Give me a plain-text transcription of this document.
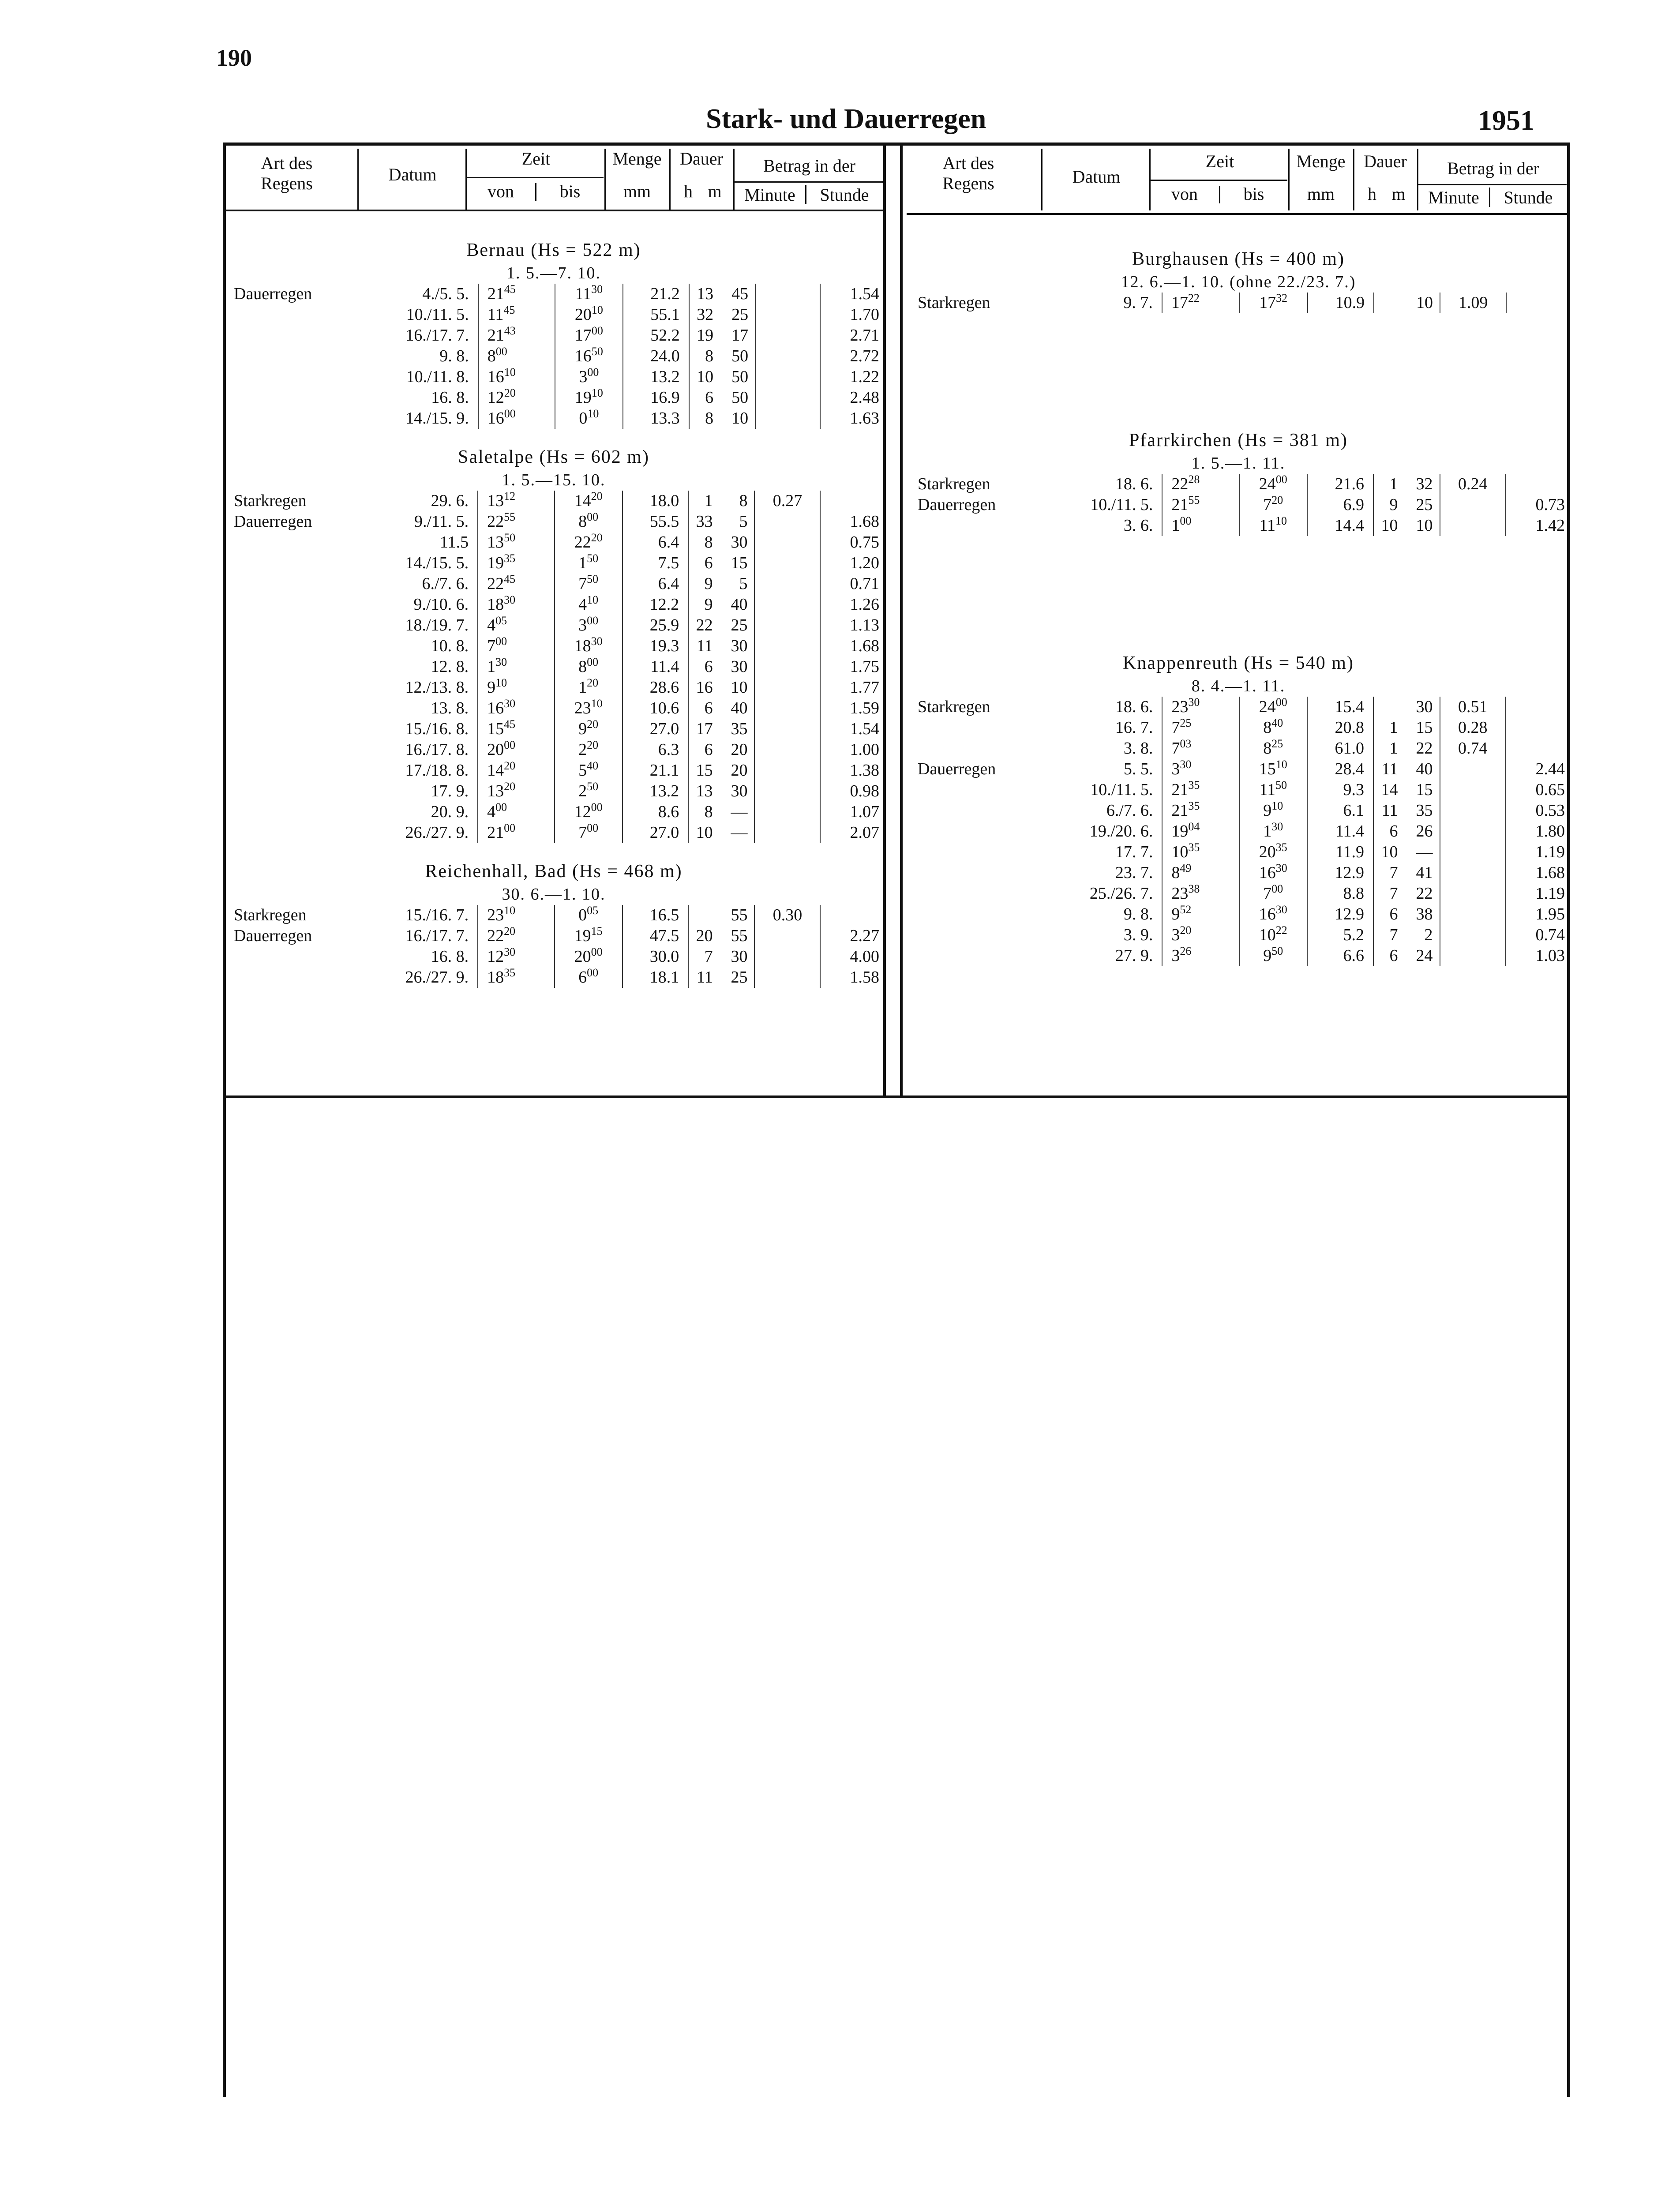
190
Stark- und Dauerregen	1951
Art des Regens	Datum
Zeit
von	bis
Menge
mm
Dauer
h m
Betrag in der
Minute	Stunde
Bernau (Hs = 522 m)
1. 5.—7. 10.
Dauerregen	4./5. 5.	$21^{45}$	$11^{30}$	21.2	13	45		1.54
	10./11. 5.	$11^{45}$	$20^{10}$	55.1	32	25		1.70
	16./17. 7.	$21^{43}$	$17^{00}$	52.2	19	17		2.71
	9. 8.	$8^{00}$	$16^{50}$	24.0	8	50		2.72
	10./11. 8.	$16^{10}$	$3^{00}$	13.2	10	50		1.22
	16. 8.	$12^{20}$	$19^{10}$	16.9	6	50		2.48
	14./15. 9.	$16^{00}$	$0^{10}$	13.3	8	10		1.63
Saletalpe (Hs = 602 m)
1. 5.—15. 10.
Starkregen	29. 6.	$13^{12}$	$14^{20}$	18.0	1	8	0.27	
Dauerregen	9./11. 5.	$22^{55}$	$8^{00}$	55.5	33	5		1.68
	11.5	$13^{50}$	$22^{20}$	6.4	8	30		0.75
	14./15. 5.	$19^{35}$	$1^{50}$	7.5	6	15		1.20
	6./7. 6.	$22^{45}$	$7^{50}$	6.4	9	5		0.71
	9./10. 6.	$18^{30}$	$4^{10}$	12.2	9	40		1.26
	18./19. 7.	$4^{05}$	$3^{00}$	25.9	22	25		1.13
	10. 8.	$7^{00}$	$18^{30}$	19.3	11	30		1.68
	12. 8.	$1^{30}$	$8^{00}$	11.4	6	30		1.75
	12./13. 8.	$9^{10}$	$1^{20}$	28.6	16	10		1.77
	13. 8.	$16^{30}$	$23^{10}$	10.6	6	40		1.59
	15./16. 8.	$15^{45}$	$9^{20}$	27.0	17	35		1.54
	16./17. 8.	$20^{00}$	$2^{20}$	6.3	6	20		1.00
	17./18. 8.	$14^{20}$	$5^{40}$	21.1	15	20		1.38
	17. 9.	$13^{20}$	$2^{50}$	13.2	13	30		0.98
	20. 9.	$4^{00}$	$12^{00}$	8.6	8	—		1.07
	26./27. 9.	$21^{00}$	$7^{00}$	27.0	10	—		2.07
Reichenhall, Bad (Hs = 468 m)
30. 6.—1. 10.
Starkregen	15./16. 7.	$23^{10}$	$0^{05}$	16.5		55	0.30	
Dauerregen	16./17. 7.	$22^{20}$	$19^{15}$	47.5	20	55		2.27
	16. 8.	$12^{30}$	$20^{00}$	30.0	7	30		4.00
	26./27. 9.	$18^{35}$	$6^{00}$	18.1	11	25		1.58
Art des Regens	Datum
Zeit
von	bis
Menge
mm
Dauer
h m
Betrag in der
Minute	Stunde
Burghausen (Hs = 400 m)
12. 6.—1. 10. (ohne 22./23. 7.)
Starkregen	9. 7.	$17^{22}$	$17^{32}$	10.9		10	1.09	
Pfarrkirchen (Hs = 381 m)
1. 5.—1. 11.
Starkregen	18. 6.	$22^{28}$	$24^{00}$	21.6	1	32	0.24	
Dauerregen	10./11. 5.	$21^{55}$	$7^{20}$	6.9	9	25		0.73
	3. 6.	$1^{00}$	$11^{10}$	14.4	10	10		1.42
Knappenreuth (Hs = 540 m)
8. 4.—1. 11.
Starkregen	18. 6.	$23^{30}$	$24^{00}$	15.4		30	0.51	
	16. 7.	$7^{25}$	$8^{40}$	20.8	1	15	0.28	
	3. 8.	$7^{03}$	$8^{25}$	61.0	1	22	0.74	
Dauerregen	5. 5.	$3^{30}$	$15^{10}$	28.4	11	40		2.44
	10./11. 5.	$21^{35}$	$11^{50}$	9.3	14	15		0.65
	6./7. 6.	$21^{35}$	$9^{10}$	6.1	11	35		0.53
	19./20. 6.	$19^{04}$	$1^{30}$	11.4	6	26		1.80
	17. 7.	$10^{35}$	$20^{35}$	11.9	10	—		1.19
	23. 7.	$8^{49}$	$16^{30}$	12.9	7	41		1.68
	25./26. 7.	$23^{38}$	$7^{00}$	8.8	7	22		1.19
	9. 8.	$9^{52}$	$16^{30}$	12.9	6	38		1.95
	3. 9.	$3^{20}$	$10^{22}$	5.2	7	2		0.74
	27. 9.	$3^{26}$	$9^{50}$	6.6	6	24		1.03
